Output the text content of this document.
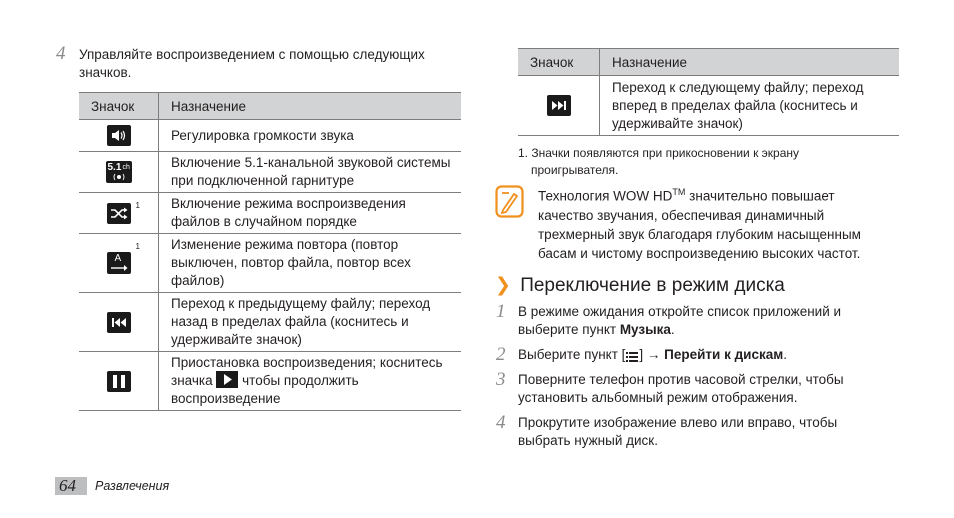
4 Управляйте воспроизведением с помощью следующих значков.
Значок	Назначение

	Регулировка громкости звука

5.1 ch	Включение 5.1-канальной звуковой системы при подключенной гарнитуре

1	Включение режима воспроизведения файлов в случайном порядке

A
1	Изменение режима повтора (повтор выключен, повтор файла, повтор всех файлов)

	Переход к предыдущему файлу; переход назад в пределах файла (коснитесь и удерживайте значок)

	Приостановка воспроизведения; коснитесь значка чтобы продолжить воспроизведение
Значок	Назначение

	Переход к следующему файлу; переход вперед в пределах файла (коснитесь и удерживайте значок)
1. Значки появляются при прикосновении к экрану проигрывателя.
Технология WOW HD™ значительно повышает качество звучания, обеспечивая динамичный трехмерный звук благодаря глубоким насыщенным басам и чистому воспроизведению высоких частот.
❯ Переключение в режим диска
1 В режиме ожидания откройте список приложений и выберите пункт Музыка.
2 Выберите пункт [ ] → Перейти к дискам.
3 Поверните телефон против часовой стрелки, чтобы установить альбомный режим отображения.
4 Прокрутите изображение влево или вправо, чтобы выбрать нужный диск.
64 Развлечения
